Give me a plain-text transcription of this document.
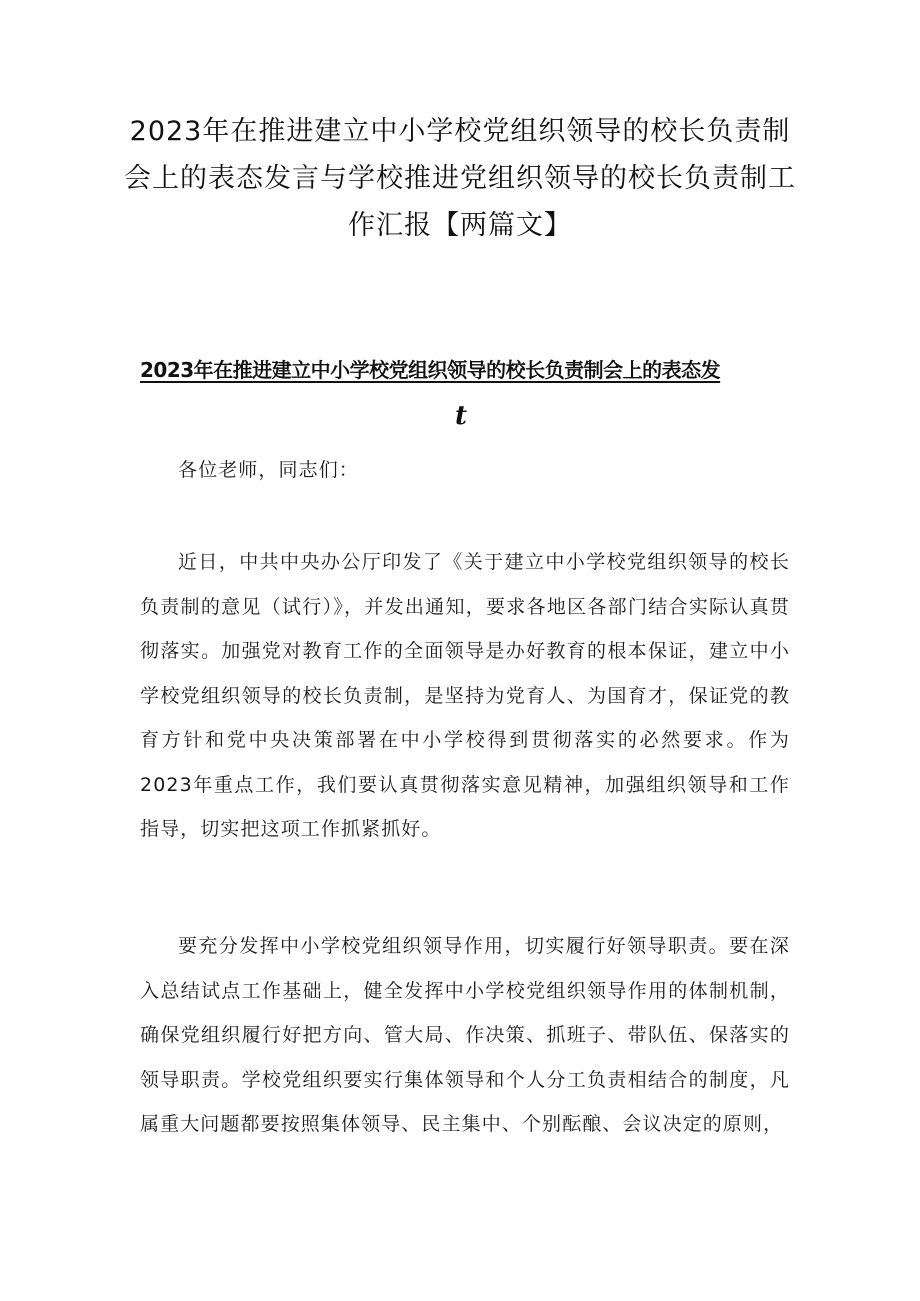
2023年在推进建立中小学校党组织领导的校长负责制会上的表态发言与学校推进党组织领导的校长负责制工作汇报【两篇文】
2023年在推进建立中小学校党组织领导的校长负责制会上的表态发
t

各位老师，同志们：

近日，中共中央办公厅印发了《关于建立中小学校党组织领导的校长负责制的意见（试行）》，并发出通知，要求各地区各部门结合实际认真贯彻落实。加强党对教育工作的全面领导是办好教育的根本保证，建立中小学校党组织领导的校长负责制，是坚持为党育人、为国育才，保证党的教育方针和党中央决策部署在中小学校得到贯彻落实的必然要求。作为2023年重点工作，我们要认真贯彻落实意见精神，加强组织领导和工作指导，切实把这项工作抓紧抓好。

要充分发挥中小学校党组织领导作用，切实履行好领导职责。要在深入总结试点工作基础上，健全发挥中小学校党组织领导作用的体制机制，确保党组织履行好把方向、管大局、作决策、抓班子、带队伍、保落实的领导职责。学校党组织要实行集体领导和个人分工负责相结合的制度，凡属重大问题都要按照集体领导、民主集中、个别酝酿、会议决定的原则，
